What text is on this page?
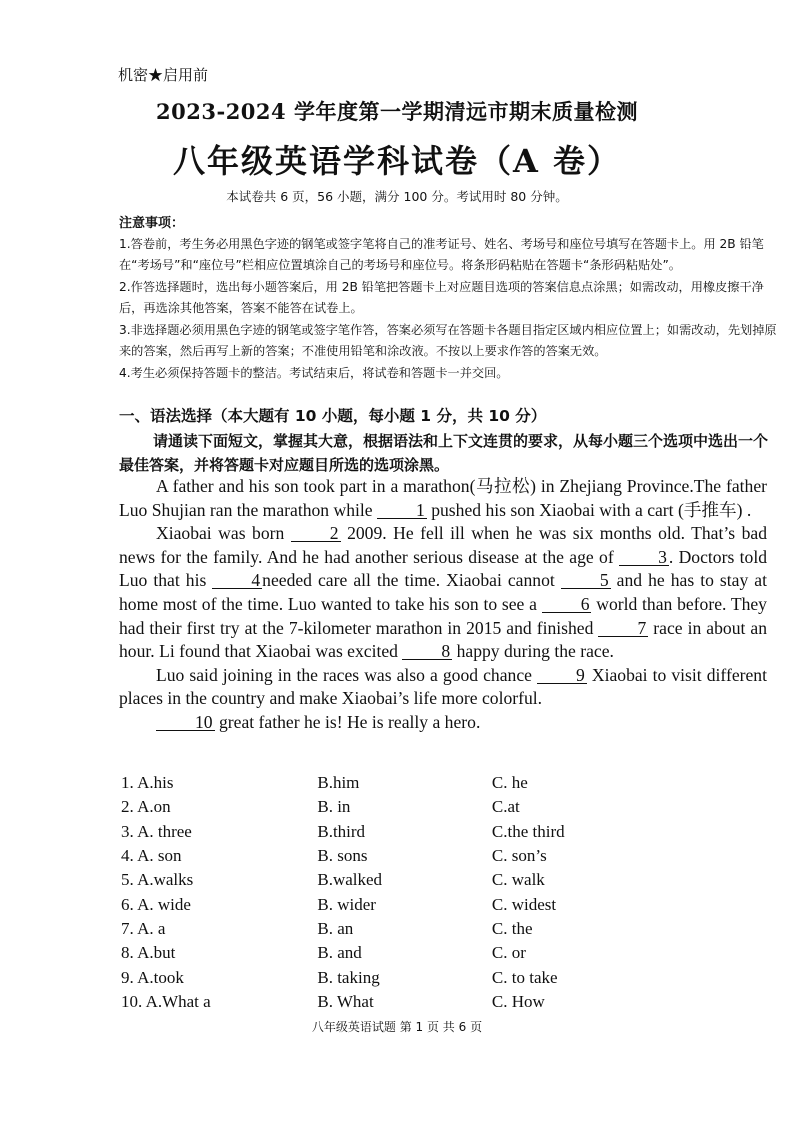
机密★启用前
2023-2024 学年度第一学期清远市期末质量检测
八年级英语学科试卷（A 卷）
本试卷共 6 页，56 小题，满分 100 分。考试用时 80 分钟。
注意事项：

1.答卷前，考生务必用黑色字迹的钢笔或签字笔将自己的准考证号、姓名、考场号和座位号填写在答题卡上。用 2B 铅笔在“考场号”和“座位号”栏相应位置填涂自己的考场号和座位号。将条形码粘贴在答题卡“条形码粘贴处”。

2.作答选择题时，选出每小题答案后，用 2B 铅笔把答题卡上对应题目选项的答案信息点涂黑；如需改动，用橡皮擦干净后，再选涂其他答案，答案不能答在试卷上。

3.非选择题必须用黑色字迹的钢笔或签字笔作答，答案必须写在答题卡各题目指定区域内相应位置上；如需改动，先划掉原来的答案，然后再写上新的答案；不准使用铅笔和涂改液。不按以上要求作答的答案无效。

4.考生必须保持答题卡的整洁。考试结束后，将试卷和答题卡一并交回。

一、语法选择（本大题有 10 小题，每小题 1 分，共 10 分）
请通读下面短文，掌握其大意，根据语法和上下文连贯的要求，从每小题三个选项中选出一个最佳答案，并将答题卡对应题目所选的选项涂黑。

A father and his son took part in a marathon(马拉松) in Zhejiang Province.The father Luo Shujian ran the marathon while 1 pushed his son Xiaobai with a cart (手推车) .

Xiaobai was born	2 2009. He fell ill when he was six months old. That’s bad news for the family. And he had another serious disease at the age of	3 . Doctors told Luo that his	4 needed care all the time. Xiaobai cannot	5 and he has to stay at home most of the time. Luo wanted to take his son to see a 6 world than before. They had their first try at the 7-kilometer marathon in 2015 and finished	7 race in about an hour. Li found that Xiaobai was excited 8 happy during the race.

Luo said joining in the races was also a good chance	9 Xiaobai to visit different places in the country and make Xiaobai’s life more colorful.

10 great father he is! He is really a hero.

1. A.his	B.him	C. he
2. A.on	B. in	C.at
3. A. three	B.third	C.the third
4. A. son	B. sons	C. son’s
5. A.walks	B.walked	C. walk
6. A. wide	B. wider	C. widest
7. A. a	B. an	C. the
8. A.but	B. and	C. or
9. A.took	B. taking	C. to take
10. A.What a	B. What	C. How
八年级英语试题 第 1 页 共 6 页
